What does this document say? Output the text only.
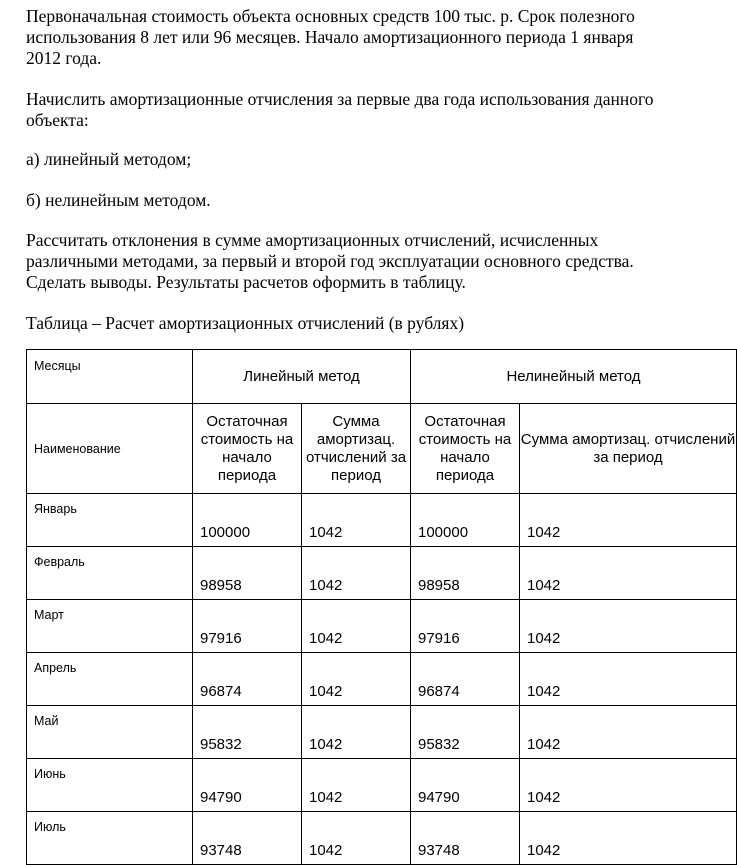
Первоначальная стоимость объекта основных средств 100 тыс. р. Срок полезного использования 8 лет или 96 месяцев. Начало амортизационного периода 1 января 2012 года.

Начислить амортизационные отчисления за первые два года использования данного объекта:

а) линейный методом;

б) нелинейным методом.

Рассчитать отклонения в сумме амортизационных отчислений, исчисленных различными методами, за первый и второй год эксплуатации основного средства. Сделать выводы. Результаты расчетов оформить в таблицу.

Таблица – Расчет амортизационных отчислений (в рублях)

Месяцы	Линейный метод		Нелинейный метод	
Наименование	Остаточная стоимость на начало периода	Сумма амортизац. отчислений за период	Остаточная стоимость на начало периода	Сумма амортизац. отчислений за период
Январь	100000	1042	100000	1042
Февраль	98958	1042	98958	1042
Март	97916	1042	97916	1042
Апрель	96874	1042	96874	1042
Май	95832	1042	95832	1042
Июнь	94790	1042	94790	1042
Июль	93748	1042	93748	1042
